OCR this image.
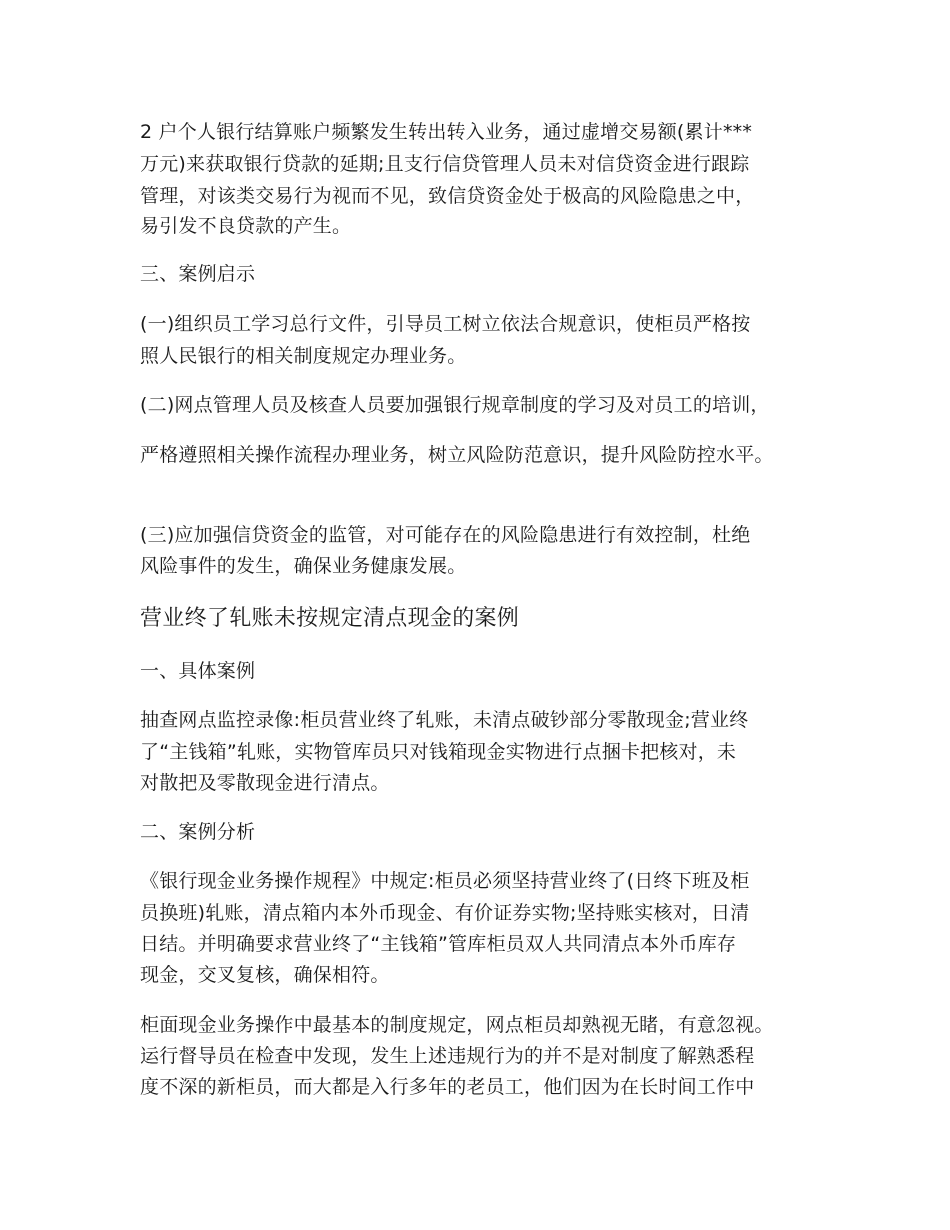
2 户个人银行结算账户频繁发生转出转入业务，通过虚增交易额(累计***
万元)来获取银行贷款的延期;且支行信贷管理人员未对信贷资金进行跟踪
管理，对该类交易行为视而不见，致信贷资金处于极高的风险隐患之中，
易引发不良贷款的产生。
三、案例启示
(一)组织员工学习总行文件，引导员工树立依法合规意识，使柜员严格按
照人民银行的相关制度规定办理业务。
(二)网点管理人员及核查人员要加强银行规章制度的学习及对员工的培训，
严格遵照相关操作流程办理业务，树立风险防范意识，提升风险防控水平。
(三)应加强信贷资金的监管，对可能存在的风险隐患进行有效控制，杜绝
风险事件的发生，确保业务健康发展。
营业终了轧账未按规定清点现金的案例
一、具体案例
抽查网点监控录像:柜员营业终了轧账，未清点破钞部分零散现金;营业终
了“主钱箱”轧账，实物管库员只对钱箱现金实物进行点捆卡把核对，未
对散把及零散现金进行清点。
二、案例分析
《银行现金业务操作规程》中规定:柜员必须坚持营业终了(日终下班及柜
员换班)轧账，清点箱内本外币现金、有价证券实物;坚持账实核对，日清
日结。并明确要求营业终了“主钱箱”管库柜员双人共同清点本外币库存
现金，交叉复核，确保相符。
柜面现金业务操作中最基本的制度规定，网点柜员却熟视无睹，有意忽视。
运行督导员在检查中发现，发生上述违规行为的并不是对制度了解熟悉程
度不深的新柜员，而大都是入行多年的老员工，他们因为在长时间工作中
